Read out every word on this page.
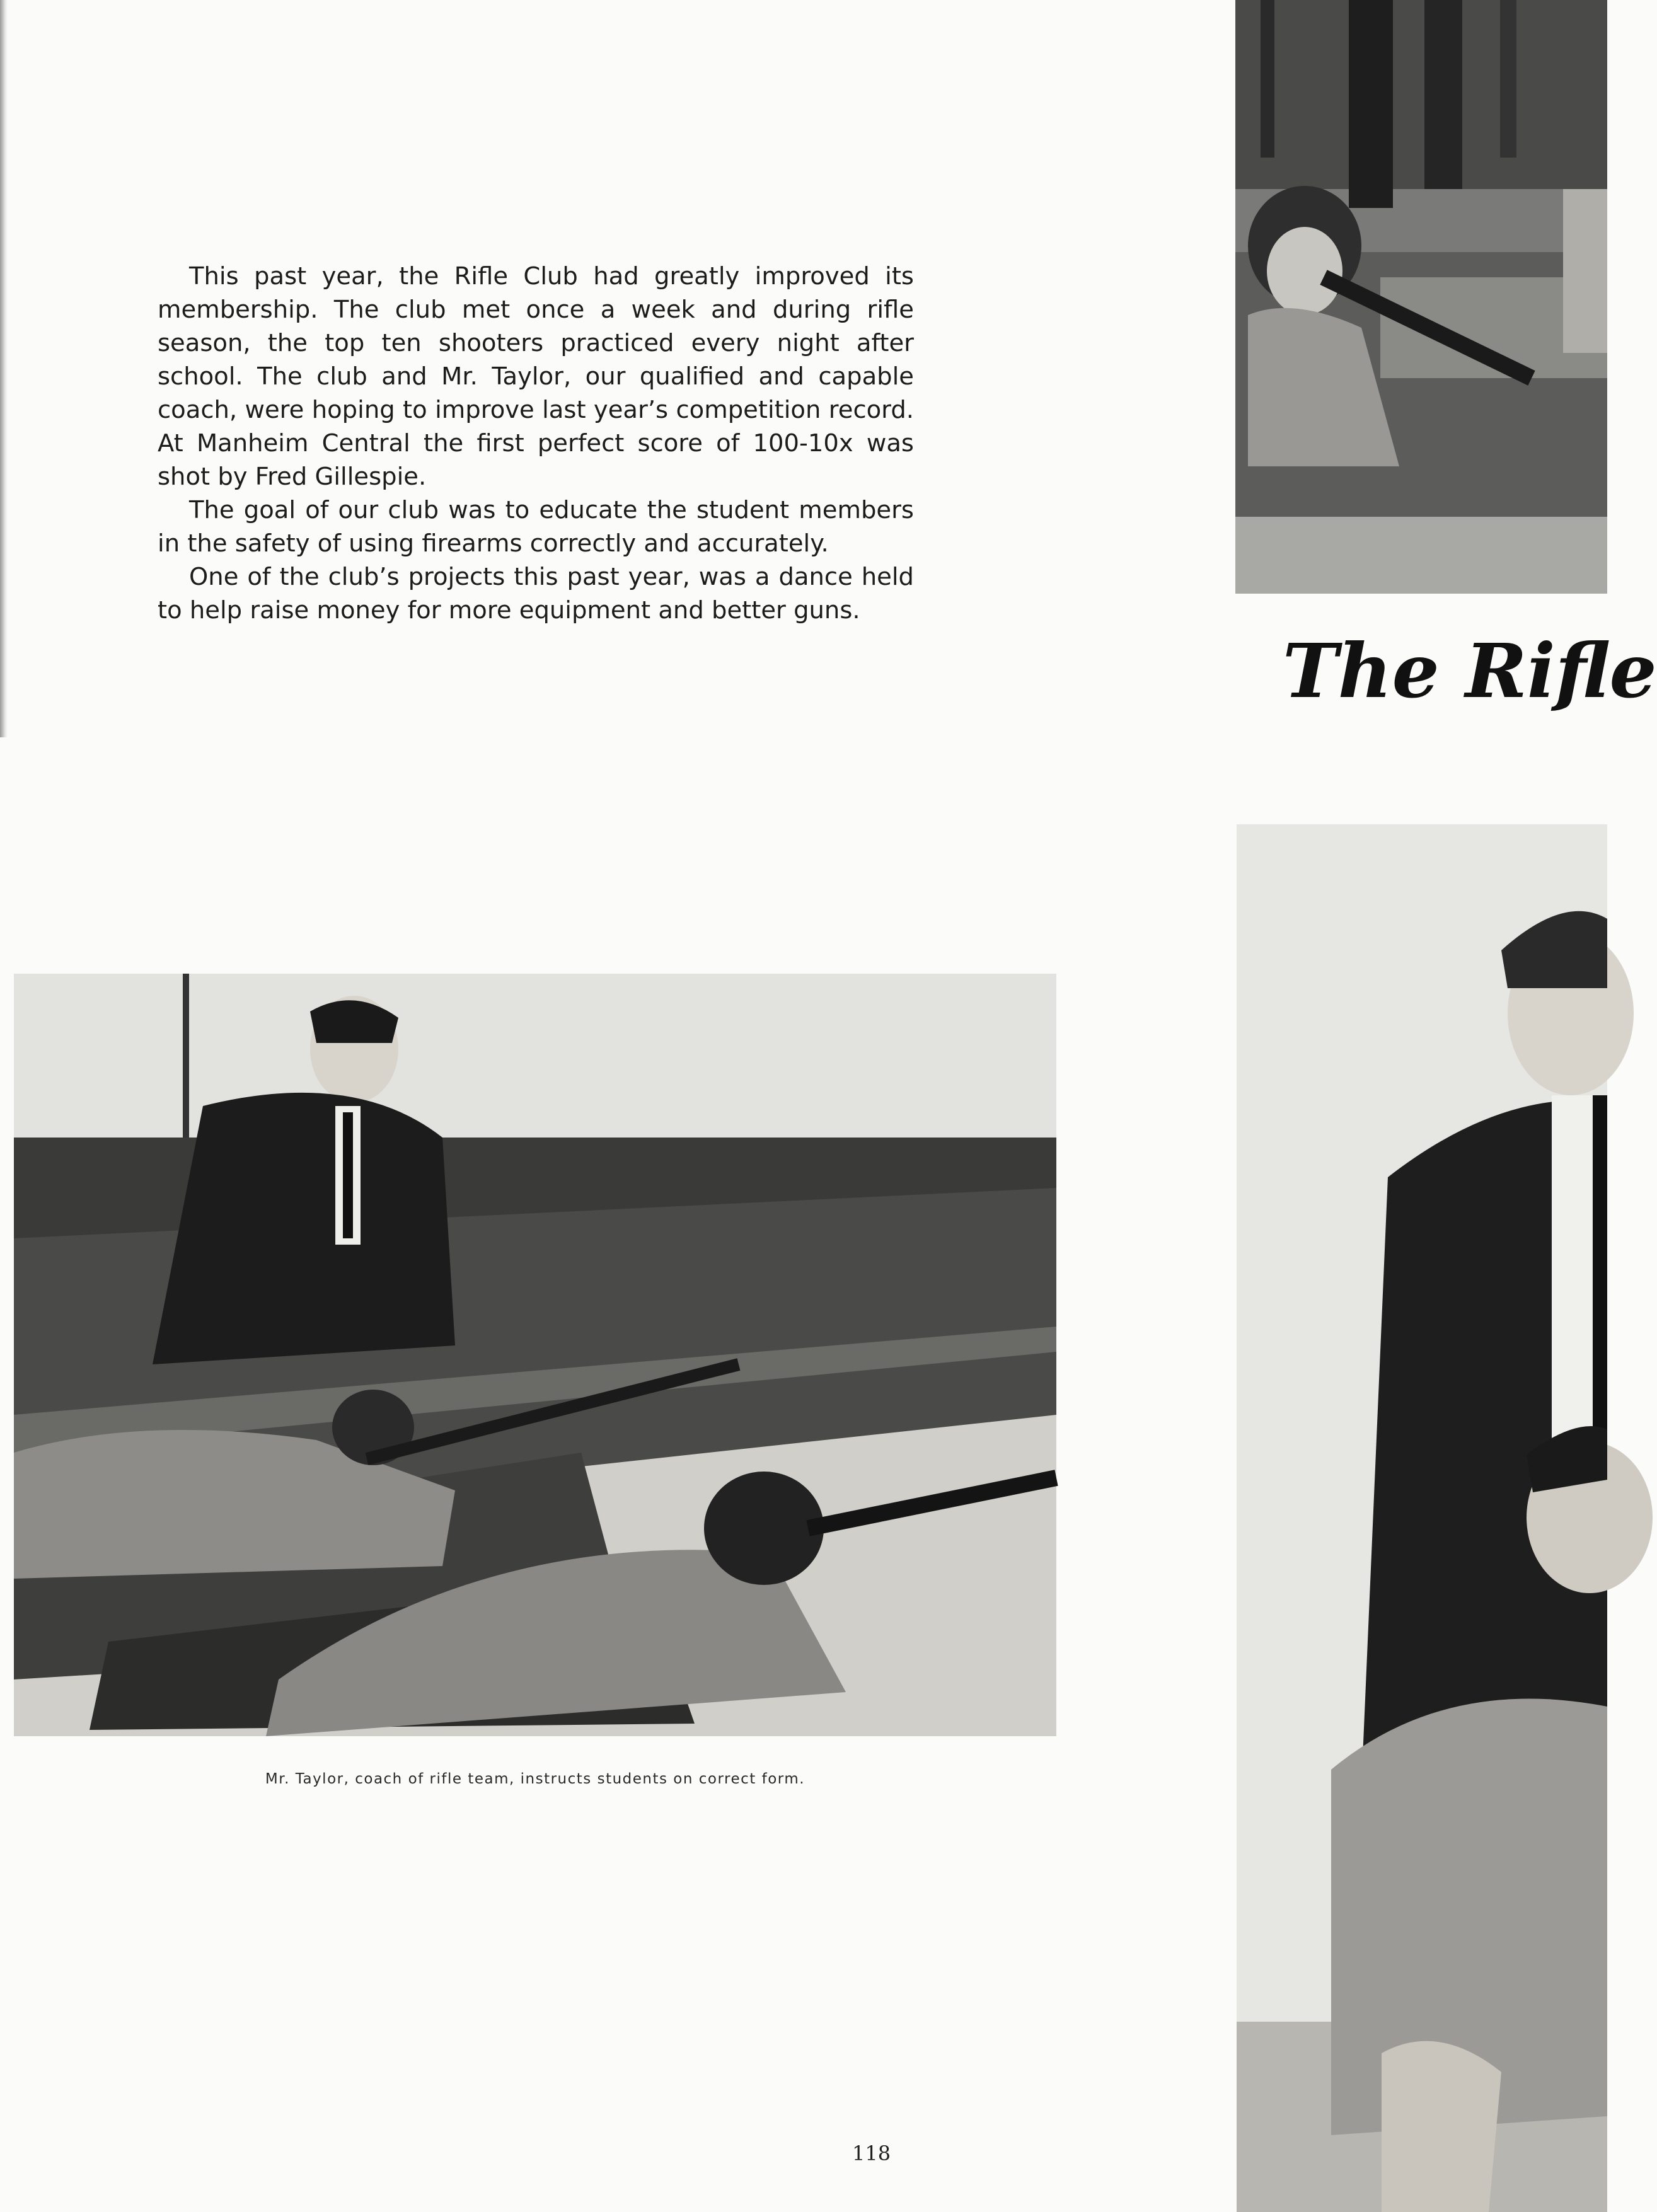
This past year, the Rifle Club had greatly improved its membership. The club met once a week and during rifle season, the top ten shooters practiced every night after school. The club and Mr. Taylor, our qualified and capable coach, were hoping to improve last year’s competition record. At Manheim Central the first perfect score of 100-10x was shot by Fred Gillespie.

The goal of our club was to educate the student members in the safety of using firearms correctly and accurately.

One of the club’s projects this past year, was a dance held to help raise money for more equipment and better guns.

The Rifle

Mr. Taylor, coach of rifle team, instructs students on correct form.

118
